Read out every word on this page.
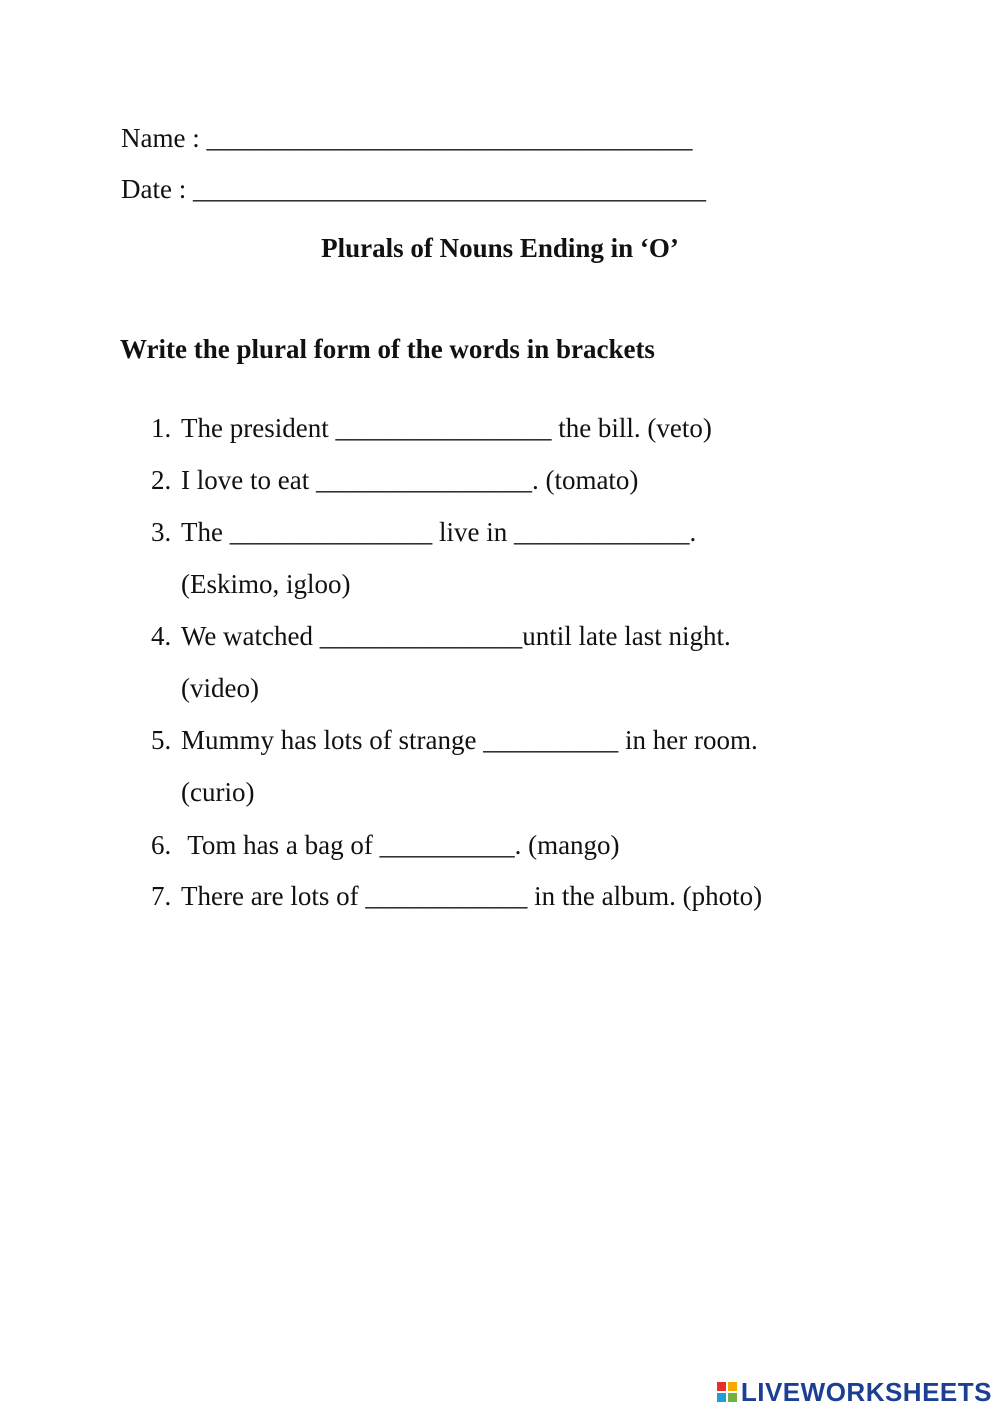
Name : ____________________________________
Date : ______________________________________
Plurals of Nouns Ending in ‘O’
Write the plural form of the words in brackets
1. The president ________________ the bill. (veto)
2. I love to eat ________________. (tomato)
3. The _______________ live in _____________.
(Eskimo, igloo)
4. We watched _______________until late last night.
(video)
5. Mummy has lots of strange __________ in her room.
(curio)
6. Tom has a bag of __________. (mango)
7. There are lots of ____________ in the album. (photo)
LIVEWORKSHEETS
